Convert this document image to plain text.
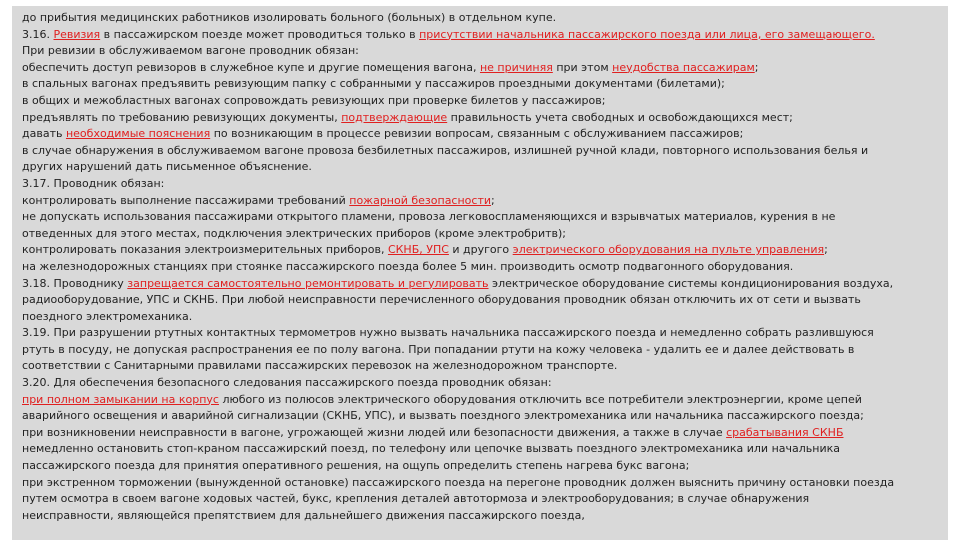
до прибытия медицинских работников изолировать больного (больных) в отдельном купе.
3.16. Ревизия в пассажирском поезде может проводиться только в присутствии начальника пассажирского поезда или лица, его замещающего.
При ревизии в обслуживаемом вагоне проводник обязан:
обеспечить доступ ревизоров в служебное купе и другие помещения вагона, не причиняя при этом неудобства пассажирам;
в спальных вагонах предъявить ревизующим папку с собранными у пассажиров проездными документами (билетами);
в общих и межобластных вагонах сопровождать ревизующих при проверке билетов у пассажиров;
предъявлять по требованию ревизующих документы, подтверждающие правильность учета свободных и освобождающихся мест;
давать необходимые пояснения по возникающим в процессе ревизии вопросам, связанным с обслуживанием пассажиров;
в случае обнаружения в обслуживаемом вагоне провоза безбилетных пассажиров, излишней ручной клади, повторного использования белья и
других нарушений дать письменное объяснение.
3.17. Проводник обязан:
контролировать выполнение пассажирами требований пожарной безопасности;
не допускать использования пассажирами открытого пламени, провоза легковоспламеняющихся и взрывчатых материалов, курения в не
отведенных для этого местах, подключения электрических приборов (кроме электробритв);
контролировать показания электроизмерительных приборов, СКНБ, УПС и другого электрического оборудования на пульте управления;
на железнодорожных станциях при стоянке пассажирского поезда более 5 мин. производить осмотр подвагонного оборудования.
3.18. Проводнику запрещается самостоятельно ремонтировать и регулировать электрическое оборудование системы кондиционирования воздуха,
радиооборудование, УПС и СКНБ. При любой неисправности перечисленного оборудования проводник обязан отключить их от сети и вызвать
поездного электромеханика.
3.19. При разрушении ртутных контактных термометров нужно вызвать начальника пассажирского поезда и немедленно собрать разлившуюся
ртуть в посуду, не допуская распространения ее по полу вагона. При попадании ртути на кожу человека - удалить ее и далее действовать в
соответствии с Санитарными правилами пассажирских перевозок на железнодорожном транспорте.
3.20. Для обеспечения безопасного следования пассажирского поезда проводник обязан:
при полном замыкании на корпус любого из полюсов электрического оборудования отключить все потребители электроэнергии, кроме цепей
аварийного освещения и аварийной сигнализации (СКНБ, УПС), и вызвать поездного электромеханика или начальника пассажирского поезда;
при возникновении неисправности в вагоне, угрожающей жизни людей или безопасности движения, а также в случае срабатывания СКНБ
немедленно остановить стоп-краном пассажирский поезд, по телефону или цепочке вызвать поездного электромеханика или начальника
пассажирского поезда для принятия оперативного решения, на ощупь определить степень нагрева букс вагона;
при экстренном торможении (вынужденной остановке) пассажирского поезда на перегоне проводник должен выяснить причину остановки поезда
путем осмотра в своем вагоне ходовых частей, букс, крепления деталей автотормоза и электрооборудования; в случае обнаружения
неисправности, являющейся препятствием для дальнейшего движения пассажирского поезда,
